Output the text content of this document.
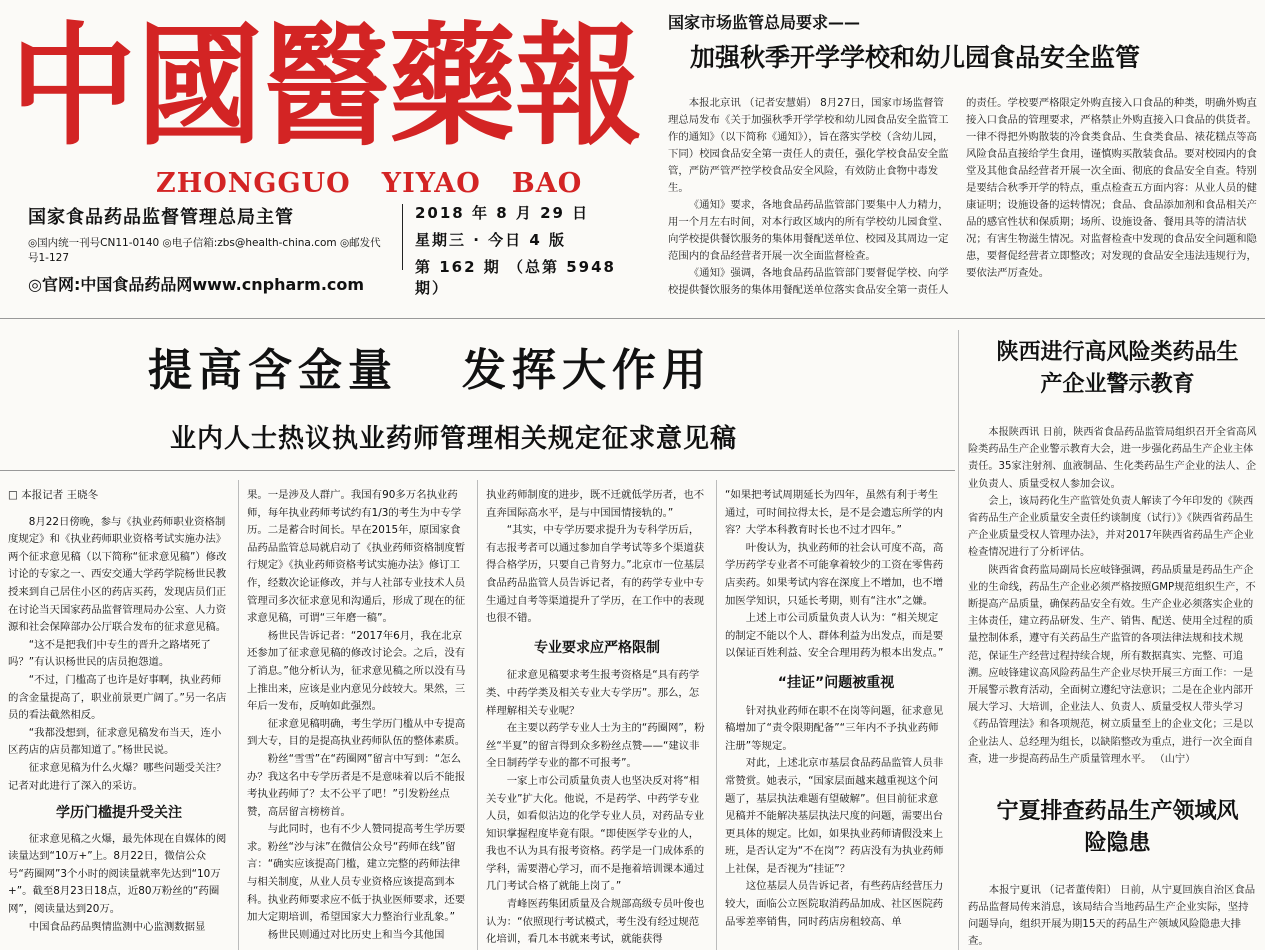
中國醫藥報
ZHONGGUO   YIYAO   BAO
国家食品药品监督管理总局主管
◎国内统一刊号CN11-0140 ◎电子信箱:zbs@health-china.com ◎邮发代号1-127
◎官网:中国食品药品网www.cnpharm.com
2018 年 8 月 29 日
星期三 · 今日 4 版
第 162 期 （总第 5948 期）
国家市场监管总局要求——
加强秋季开学学校和幼儿园食品安全监管

本报北京讯 （记者安慧娟） 8月27日，国家市场监督管理总局发布《关于加强秋季开学学校和幼儿园食品安全监管工作的通知》（以下简称《通知》），旨在落实学校（含幼儿园，下同）校园食品安全第一责任人的责任，强化学校食品安全监管，严防严管严控学校食品安全风险，有效防止食物中毒发生。

《通知》要求，各地食品药品监管部门要集中人力精力，用一个月左右时间，对本行政区域内的所有学校幼儿园食堂、向学校提供餐饮服务的集体用餐配送单位、校园及其周边一定范围内的食品经营者开展一次全面监督检查。

《通知》强调，各地食品药品监管部门要督促学校、向学校提供餐饮服务的集体用餐配送单位落实食品安全第一责任人

的责任。学校要严格限定外购直接入口食品的种类，明确外购直接入口食品的管理要求，严格禁止外购直接入口食品的供货者。一律不得把外购散装的冷食类食品、生食类食品、裱花糕点等高风险食品直接给学生食用，谨慎购买散装食品。要对校园内的食堂及其他食品经营者开展一次全面、彻底的食品安全自查。特别是要结合秋季开学的特点，重点检查五方面内容：从业人员的健康证明；设施设备的运转情况；食品、食品添加剂和食品相关产品的感官性状和保质期；场所、设施设备、餐用具等的清洁状况；有害生物滋生情况。对监督检查中发现的食品安全问题和隐患，要督促经营者立即整改；对发现的食品安全违法违规行为，要依法严厉查处。

提高含金量   发挥大作用
业内人士热议执业药师管理相关规定征求意见稿
□ 本报记者 王晓冬

8月22日傍晚，参与《执业药师职业资格制度规定》和《执业药师职业资格考试实施办法》两个征求意见稿（以下简称“征求意见稿”）修改讨论的专家之一、西安交通大学药学院杨世民教授来到自己居住小区的药店买药，发现店员们正在讨论当天国家药品监督管理局办公室、人力资源和社会保障部办公厅联合发布的征求意见稿。

“这不是把我们中专生的晋升之路堵死了吗？”有认识杨世民的店员抱怨道。

“不过，门槛高了也许是好事啊，执业药师的含金量提高了，职业前景更广阔了。”另一名店员的看法截然相反。

“我都没想到，征求意见稿发布当天，连小区药店的店员都知道了。”杨世民说。

征求意见稿为什么火爆？哪些问题受关注？记者对此进行了深入的采访。

学历门槛提升受关注

征求意见稿之火爆，最先体现在自媒体的阅读量达到“10万+”上。8月22日，微信公众号“药圈网”3个小时的阅读量就率先达到“10万+”。截至8月23日18点，近80万粉丝的“药圈网”，阅读量达到20万。

中国食品药品舆情监测中心监测数据显

果。一是涉及人群广。我国有90多万名执业药师，每年执业药师考试约有1/3的考生为中专学历。二是蓄合时间长。早在2015年，原国家食品药品监管总局就启动了《执业药师资格制度暂行规定》《执业药师资格考试实施办法》修订工作，经数次论证修改，并与人社部专业技术人员管理司多次征求意见和沟通后，形成了现在的征求意见稿，可谓“三年磨一稿”。

杨世民告诉记者：“2017年6月，我在北京还参加了征求意见稿的修改讨论会。之后，没有了消息。”他分析认为，征求意见稿之所以没有马上推出来，应该是业内意见分歧较大。果然，三年后一发布，反响如此强烈。

征求意见稿明确，考生学历门槛从中专提高到大专，目的是提高执业药师队伍的整体素质。

粉丝“雪雪”在“药圈网”留言中写到：“怎么办？我这名中专学历者是不是意味着以后不能报考执业药师了？太不公平了吧！”引发粉丝点赞，高居留言榜榜首。

与此同时，也有不少人赞同提高考生学历要求。粉丝“沙与沫”在微信公众号“药师在线”留言：“确实应该提高门槛，建立完整的药师法律与相关制度，从业人员专业资格应该提高到本科。执业药师要求应不低于执业医师要求，还要加大定期培训，希望国家大力整治行业乱象。”

杨世民则通过对比历史上和当今其他国

执业药师制度的进步，既不迁就低学历者，也不直奔国际高水平，是与中国国情接轨的。”

“其实，中专学历要求提升为专科学历后，有志报考者可以通过参加自学考试等多个渠道获得合格学历，只要自己肯努力。”北京市一位基层食品药品监管人员告诉记者，有的药学专业中专生通过自考等渠道提升了学历，在工作中的表现也很不错。

专业要求应严格限制

征求意见稿要求考生报考资格是“具有药学类、中药学类及相关专业大专学历”。那么，怎样理解相关专业呢？

在主要以药学专业人士为主的“药圈网”，粉丝“半夏”的留言得到众多粉丝点赞——“建议非全日制药学专业的都不可报考”。

一家上市公司质量负责人也坚决反对将“相关专业”扩大化。他说，不是药学、中药学专业人员，如看似沾边的化学专业人员，对药品专业知识掌握程度毕竟有限。“即使医学专业的人，我也不认为具有报考资格。药学是一门成体系的学科，需要潜心学习，而不是拖着培训课本通过几门考试合格了就能上岗了。”

青峰医药集团质量及合规部高级专员叶俊也认为：“依照现行考试模式，考生没有经过规范化培训，看几本书就来考试，就能获得

“如果把考试周期延长为四年，虽然有利于考生通过，可时间拉得太长，是不是会遗忘所学的内容？大学本科教育时长也不过才四年。”

叶俊认为，执业药师的社会认可度不高，高学历药学专业者不可能拿着较少的工资在零售药店卖药。如果考试内容在深度上不增加，也不增加医学知识，只延长考期，则有“注水”之嫌。

上述上市公司质量负责人认为：“相关规定的制定不能以个人、群体利益为出发点，而是要以保证百姓利益、安全合理用药为根本出发点。”

“挂证”问题被重视

针对执业药师在职不在岗等问题，征求意见稿增加了“责令限期配备”“三年内不予执业药师注册”等规定。

对此，上述北京市基层食品药品监管人员非常赞赏。她表示，“国家层面越来越重视这个问题了，基层执法难题有望破解”。但目前征求意见稿并不能解决基层执法尺度的问题，需要出台更具体的规定。比如，如果执业药师请假没来上班，是否认定为“不在岗”？药店没有为执业药师上社保，是否视为“挂证”？

这位基层人员告诉记者，有些药店经营压力较大，面临公立医院取消药品加成、社区医院药品零差率销售，同时药店房租较高、单

陕西进行高风险类药品生产企业警示教育

本报陕西讯 日前，陕西省食品药品监管局组织召开全省高风险类药品生产企业警示教育大会，进一步强化药品生产企业主体责任。35家注射剂、血液制品、生化类药品生产企业的法人、企业负责人、质量受权人参加会议。

会上，该局药化生产监管处负责人解读了今年印发的《陕西省药品生产企业质量安全责任约谈制度（试行）》《陕西省药品生产企业质量受权人管理办法》，并对2017年陕西省药品生产企业检查情况进行了分析评估。

陕西省食药监局副局长应岐锋强调，药品质量是药品生产企业的生命线，药品生产企业必须严格按照GMP规范组织生产，不断提高产品质量，确保药品安全有效。生产企业必须落实企业的主体责任，建立药品研发、生产、销售、配送、使用全过程的质量控制体系，遵守有关药品生产监管的各项法律法规和技术规范，保证生产经营过程持续合规，所有数据真实、完整、可追溯。应岐锋建议高风险药品生产企业尽快开展三方面工作：一是开展警示教育活动，全面树立遵纪守法意识；二是在企业内部开展大学习、大培训，企业法人、负责人、质量受权人带头学习《药品管理法》和各项规范，树立质量至上的企业文化；三是以企业法人、总经理为组长，以缺陷整改为重点，进行一次全面自查，进一步提高药品生产质量管理水平。 （山宁）

宁夏排查药品生产领域风险隐患

本报宁夏讯 （记者董传阳） 日前，从宁夏回族自治区食品药品监督局传来消息，该局结合当地药品生产企业实际，坚持问题导向，组织开展为期15天的药品生产领域风险隐患大排查。
